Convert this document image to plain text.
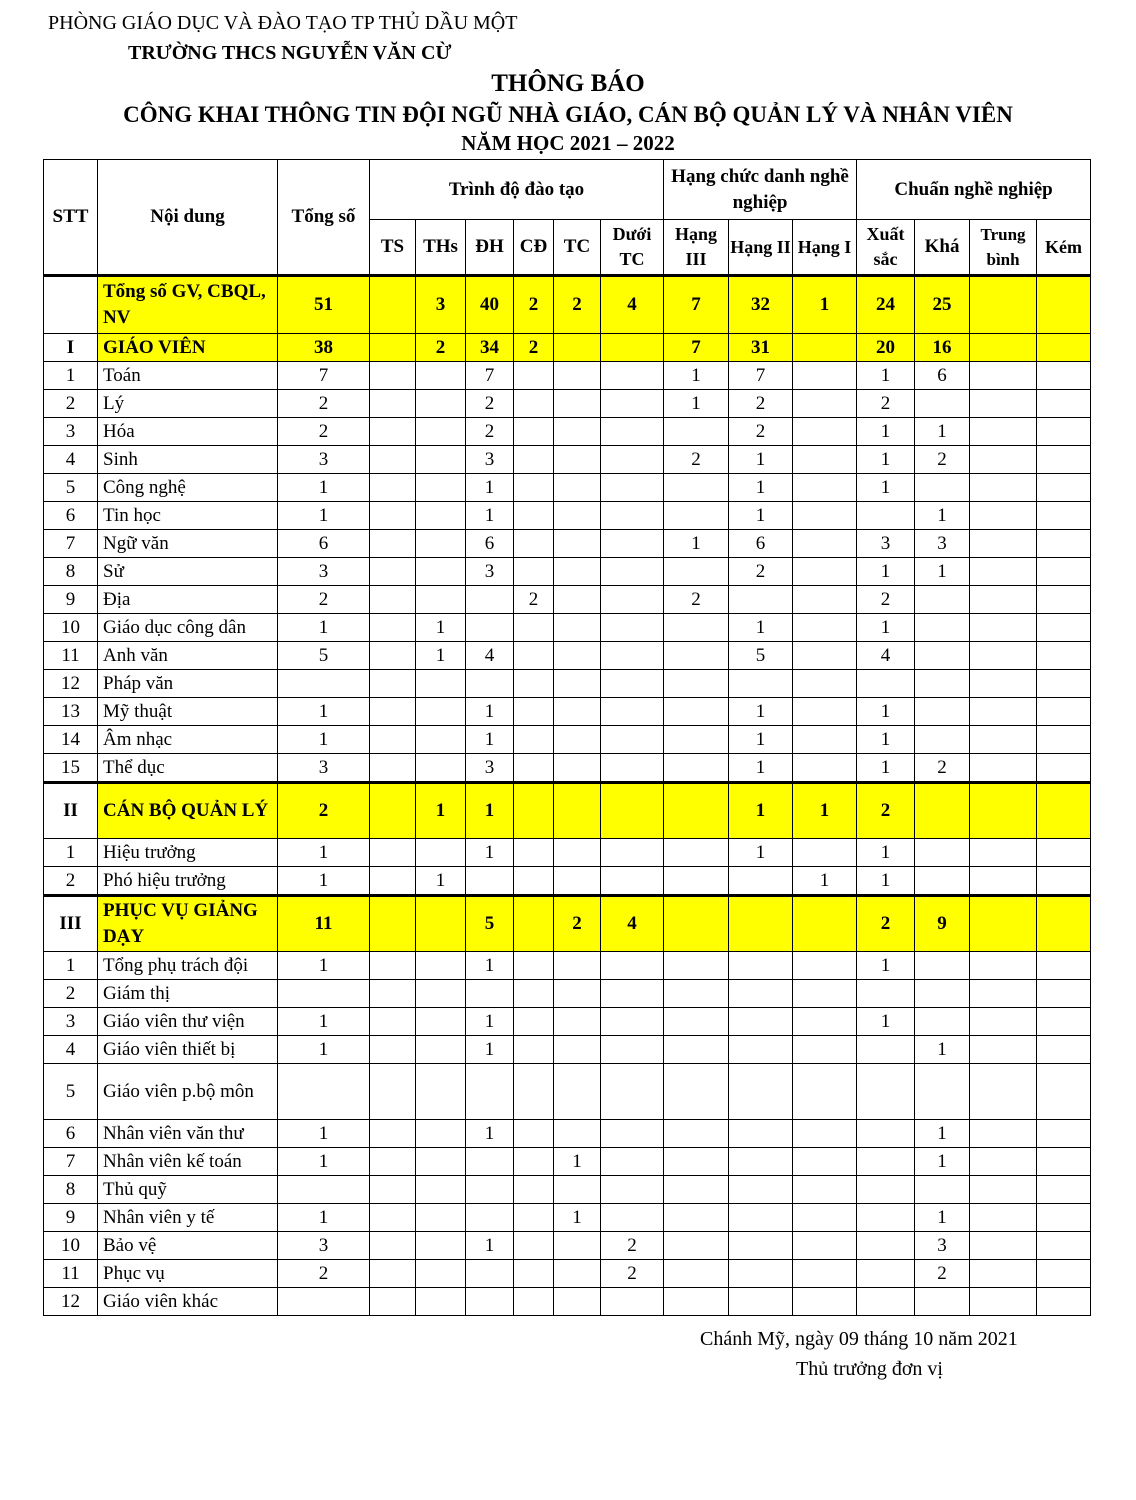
PHÒNG GIÁO DỤC VÀ ĐÀO TẠO TP THỦ DẦU MỘT
TRƯỜNG THCS NGUYỄN VĂN CỪ
THÔNG BÁO
CÔNG KHAI THÔNG TIN ĐỘI NGŨ NHÀ GIÁO, CÁN BỘ QUẢN LÝ VÀ NHÂN VIÊN
NĂM HỌC 2021 – 2022
STT	Nội dung	Tổng số	Trình độ đào tạo						Hạng chức danh nghề nghiệp			Chuẩn nghề nghiệp			
			TS	THs	ĐH	CĐ	TC	Dưới TC	Hạng III	Hạng II	Hạng I	Xuất sắc	Khá	Trung bình	Kém
	Tổng số GV, CBQL, NV	51		3	40	2	2	4	7	32	1	24	25		
I	GIÁO VIÊN	38		2	34	2			7	31		20	16		
1	Toán	7			7				1	7		1	6		
2	Lý	2			2				1	2		2			
3	Hóa	2			2					2		1	1		
4	Sinh	3			3				2	1		1	2		
5	Công nghệ	1			1					1		1			
6	Tin học	1			1					1			1		
7	Ngữ văn	6			6				1	6		3	3		
8	Sử	3			3					2		1	1		
9	Địa	2				2			2			2			
10	Giáo dục công dân	1		1						1		1			
11	Anh văn	5		1	4					5		4			
12	Pháp văn														
13	Mỹ thuật	1			1					1		1			
14	Âm nhạc	1			1					1		1			
15	Thể dục	3			3					1		1	2		
II	CÁN BỘ QUẢN LÝ	2		1	1					1	1	2			
1	Hiệu trưởng	1			1					1		1			
2	Phó hiệu trưởng	1		1							1	1			
III	PHỤC VỤ GIẢNG DẠY	11			5		2	4				2	9		
1	Tổng phụ trách đội	1			1							1			
2	Giám thị														
3	Giáo viên thư viện	1			1							1			
4	Giáo viên thiết bị	1			1								1		
5	Giáo viên p.bộ môn														
6	Nhân viên văn thư	1			1								1		
7	Nhân viên kế toán	1					1						1		
8	Thủ quỹ														
9	Nhân viên y tế	1					1						1		
10	Bảo vệ	3			1			2					3		
11	Phục vụ	2						2					2		
12	Giáo viên khác														
Chánh Mỹ, ngày 09 tháng 10 năm 2021
Thủ trưởng đơn vị
